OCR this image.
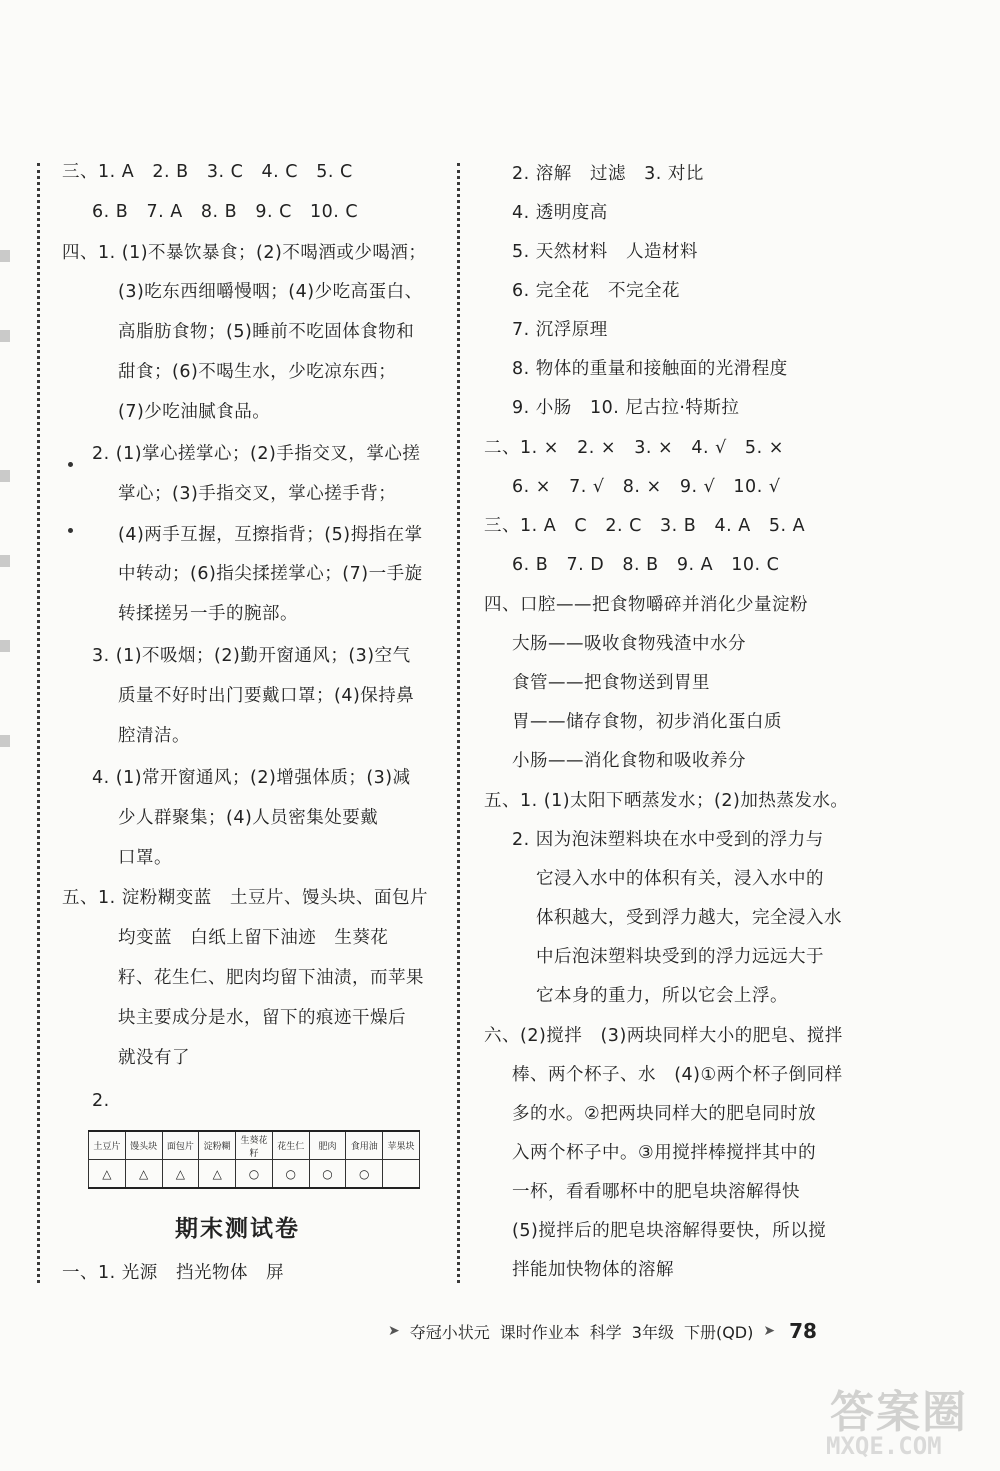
三、1. A   2. B   3. C   4. C   5. C
6. B   7. A   8. B   9. C   10. C
四、1. (1)不暴饮暴食；(2)不喝酒或少喝酒；
(3)吃东西细嚼慢咽；(4)少吃高蛋白、
高脂肪食物；(5)睡前不吃固体食物和
甜食；(6)不喝生水，少吃凉东西；
(7)少吃油腻食品。
2. (1)掌心搓掌心；(2)手指交叉，掌心搓
掌心；(3)手指交叉，掌心搓手背；
(4)两手互握，互擦指背；(5)拇指在掌
中转动；(6)指尖揉搓掌心；(7)一手旋
转揉搓另一手的腕部。
3. (1)不吸烟；(2)勤开窗通风；(3)空气
质量不好时出门要戴口罩；(4)保持鼻
腔清洁。
4. (1)常开窗通风；(2)增强体质；(3)减
少人群聚集；(4)人员密集处要戴
口罩。
五、1. 淀粉糊变蓝   土豆片、馒头块、面包片
均变蓝   白纸上留下油迹   生葵花
籽、花生仁、肥肉均留下油渍，而苹果
块主要成分是水，留下的痕迹干燥后
就没有了
2.
土豆片	馒头块	面包片	淀粉糊	生葵花籽	花生仁	肥肉	食用油	苹果块
△	△	△	△	○	○	○	○	
期末测试卷
一、1. 光源   挡光物体   屏
2. 溶解   过滤   3. 对比
4. 透明度高
5. 天然材料   人造材料
6. 完全花   不完全花
7. 沉浮原理
8. 物体的重量和接触面的光滑程度
9. 小肠   10. 尼古拉·特斯拉
二、1. ×   2. ×   3. ×   4. √   5. ×
6. ×   7. √   8. ×   9. √   10. √
三、1. A   C   2. C   3. B   4. A   5. A
6. B   7. D   8. B   9. A   10. C
四、口腔——把食物嚼碎并消化少量淀粉
大肠——吸收食物残渣中水分
食管——把食物送到胃里
胃——储存食物，初步消化蛋白质
小肠——消化食物和吸收养分
五、1. (1)太阳下晒蒸发水；(2)加热蒸发水。
2. 因为泡沫塑料块在水中受到的浮力与
它浸入水中的体积有关，浸入水中的
体积越大，受到浮力越大，完全浸入水
中后泡沫塑料块受到的浮力远远大于
它本身的重力，所以它会上浮。
六、(2)搅拌   (3)两块同样大小的肥皂、搅拌
棒、两个杯子、水   (4)①两个杯子倒同样
多的水。②把两块同样大的肥皂同时放
入两个杯子中。③用搅拌棒搅拌其中的
一杯，看看哪杯中的肥皂块溶解得快
(5)搅拌后的肥皂块溶解得要快，所以搅
拌能加快物体的溶解
➤ 夺冠小状元 课时作业本 科学 3年级 下册(QD) ➤ 78
答案圈
MXQE.COM
